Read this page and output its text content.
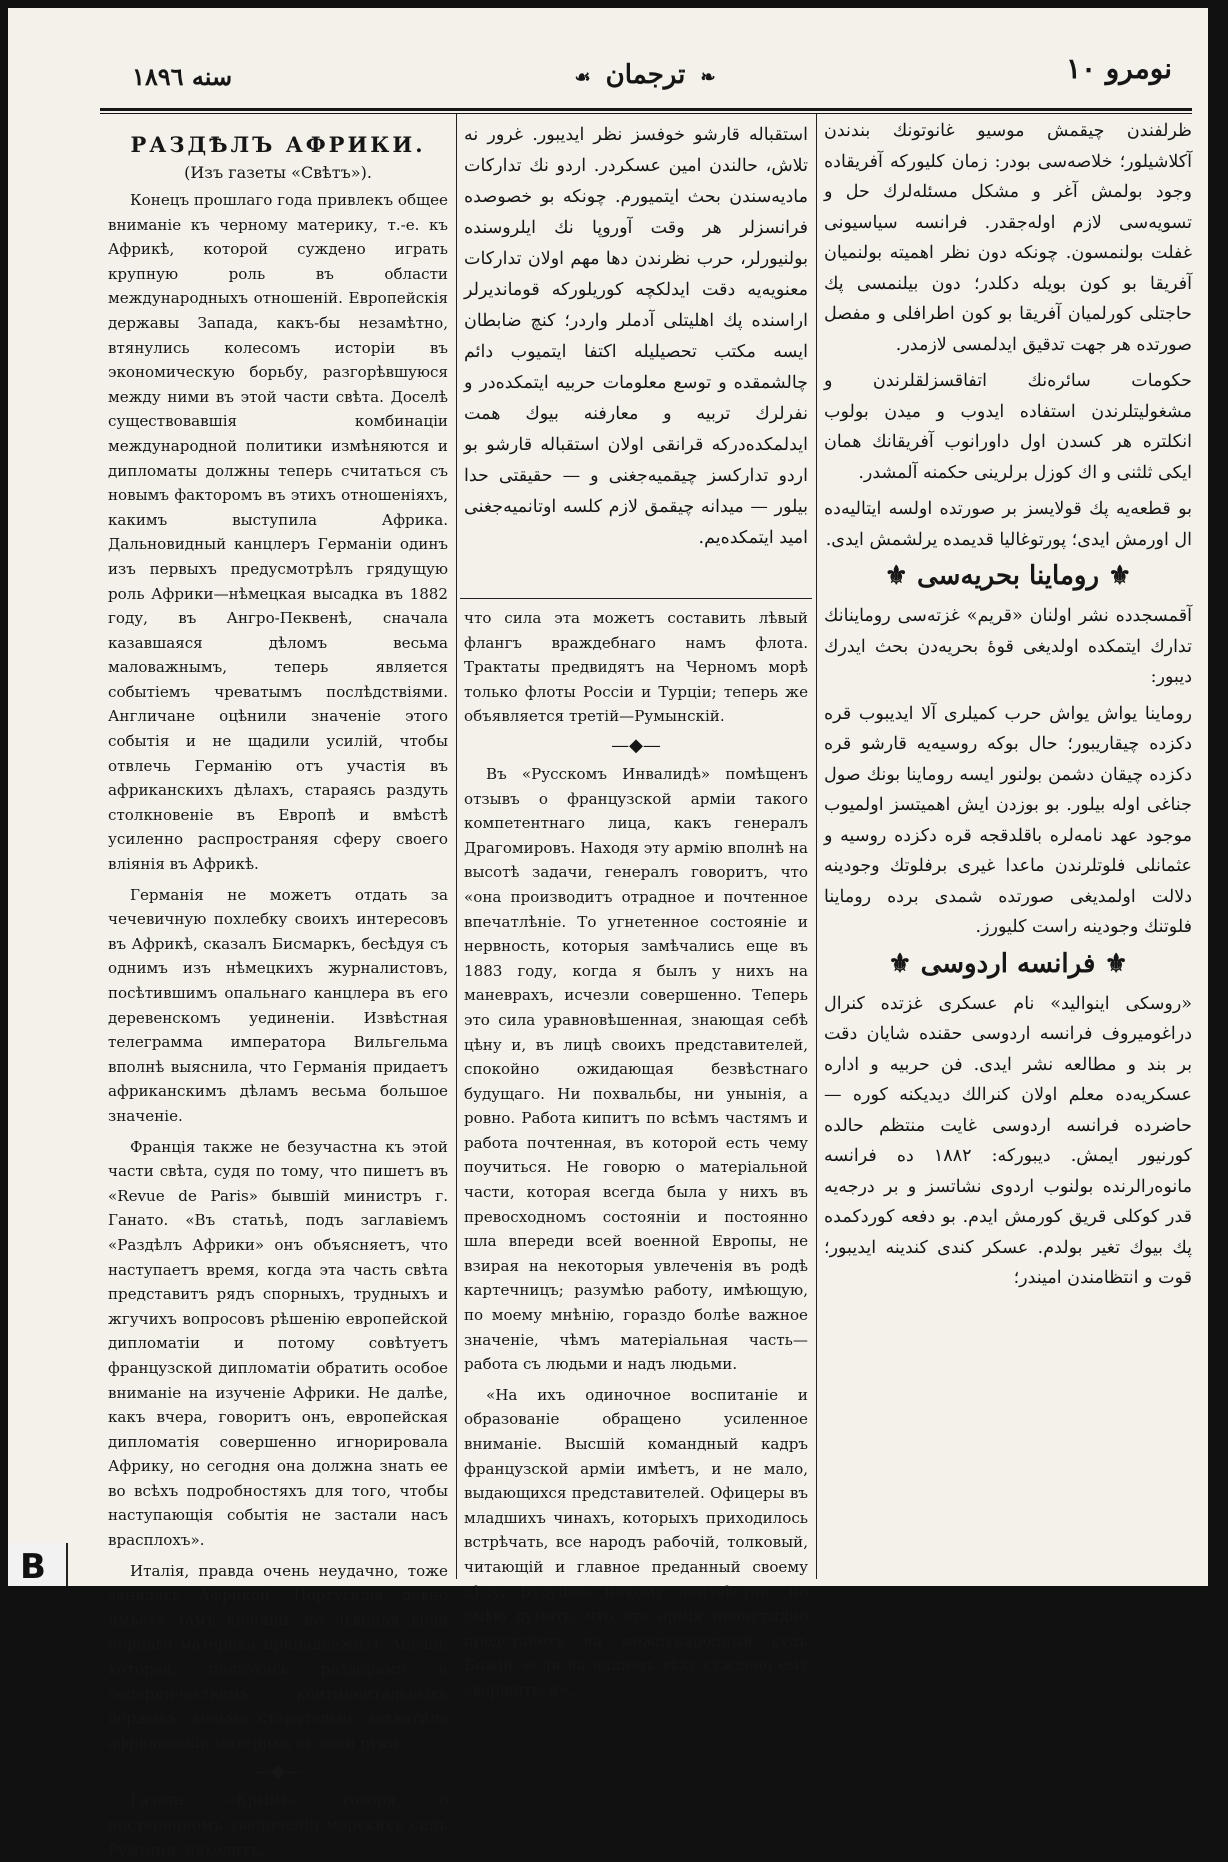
سنه ١٨٩٦	❧ ترجمان ☙	نومرو ١٠
РАЗДѢЛЪ АФРИКИ.
(Изъ газеты «Свѣтъ»).

Конецъ прошлаго года привлекъ общее вниманіе къ черному материку, т.-е. къ Африкѣ, которой суждено играть крупную роль въ области международныхъ отношеній. Европейскія державы Запада, какъ-бы незамѣтно, втянулись колесомъ исторіи въ экономическую борьбу, разгорѣвшуюся между ними въ этой части свѣта. Доселѣ существовавшія комбинаціи международной политики измѣняются и дипломаты должны теперь считаться съ новымъ факторомъ въ этихъ отношеніяхъ, какимъ выступила Африка. Дальновидный канцлеръ Германіи одинъ изъ первыхъ предусмотрѣлъ грядущую роль Африки—нѣмецкая высадка въ 1882 году, въ Ангро-Пеквенѣ, сначала казавшаяся дѣломъ весьма маловажнымъ, теперь является событіемъ чреватымъ послѣдствіями. Англичане оцѣнили значеніе этого событія и не щадили усилій, чтобы отвлечь Германію отъ участія въ африканскихъ дѣлахъ, стараясь раздуть столкновеніе въ Европѣ и вмѣстѣ усиленно распространяя сферу своего вліянія въ Африкѣ.

Германія не можетъ отдать за чечевичную похлебку своихъ интересовъ въ Африкѣ, сказалъ Бисмаркъ, бесѣдуя съ однимъ изъ нѣмецкихъ журналистовъ, посѣтившимъ опальнаго канцлера въ его деревенскомъ уединеніи. Извѣстная телеграмма императора Вильгельма вполнѣ выяснила, что Германія придаетъ африканскимъ дѣламъ весьма большое значеніе.

Франція также не безучастна къ этой части свѣта, судя по тому, что пишетъ въ «Revue de Paris» бывшій министръ г. Ганато. «Въ статьѣ, подъ заглавіемъ «Раздѣлъ Африки» онъ объясняетъ, что наступаетъ время, когда эта часть свѣта представитъ рядъ спорныхъ, трудныхъ и жгучихъ вопросовъ рѣшенію европейской дипломатіи и потому совѣтуетъ французской дипломатіи обратить особое вниманіе на изученіе Африки. Не далѣе, какъ вчера, говоритъ онъ, европейская дипломатія совершенно игнорировала Африку, но сегодня она должна знать ее во всѣхъ подробностяхъ для того, чтобы наступающія событія не застали насъ врасплохъ».

Италія, правда очень неудачно, тоже занялась Африкой. Португалія давно имѣетъ тамъ колоніи, но львиная доля чернаго материка принадлежитъ Англіи, которая, пользуясь раздорами и соперничествомъ континентальныхъ державъ, весьма старательно захватила африканскій материкъ въ свои руки.

—◆—

Газета «Крымъ» говоря о постепенномъ увеличеніи морскихъ силъ Румыніи, находитъ,

استقباله قارشو خوفسز نظر ایدیبور. غرور نه تلاش، حالندن امین عسکردر. اردو نك تداركات ماديەسندن بحث ایتمیورم. چونكه بو خصوصده فرانسزلر هر وقت آوروپا نك ایلروسنده بولنیورلر، حرب نظرندن دها مهم اولان تداركات معنويەيه دقت ایدلكچه كوريلوركه قوماندیرلر اراسنده پك اهليتلی آدملر واردر؛ كنچ ضابطان ایسه مكتب تحصيلیله اكتفا ایتمیوب دائم چالشمقده و توسع معلومات حربيه ایتمكده‌در و نفرلرك تربيه و معارفنه بیوك همت ایدلمكده‌دركه قرانقی اولان استقباله قارشو بو اردو تداركسز چيقمیه‌جغنی و — حقيقتی حدا بیلور — میدانه چیقمق لازم كلسه اوتانمیه‌جغنی امید ایتمكده‌یم.

что сила эта можетъ составить лѣвый флангъ враждебнаго намъ флота. Трактаты предвидятъ на Черномъ морѣ только флоты Россіи и Турціи; теперь же объявляется третій—Румынскій.

—◆—

Въ «Русскомъ Инвалидѣ» помѣщенъ отзывъ о французской арміи такого компетентнаго лица, какъ генералъ Драгомировъ. Находя эту армію вполнѣ на высотѣ задачи, генералъ говоритъ, что «она производитъ отрадное и почтенное впечатлѣніе. То угнетенное состояніе и нервность, которыя замѣчались еще въ 1883 году, когда я былъ у нихъ на маневрахъ, исчезли совершенно. Теперь это сила уравновѣшенная, знающая себѣ цѣну и, въ лицѣ своихъ представителей, спокойно ожидающая безвѣстнаго будущаго. Ни похвальбы, ни унынія, а ровно. Работа кипитъ по всѣмъ частямъ и работа почтенная, въ которой есть чему поучиться. Не говорю о матеріальной части, которая всегда была у нихъ въ превосходномъ состояніи и постоянно шла впереди всей военной Европы, не взирая на некоторыя увлеченія въ родѣ картечницъ; разумѣю работу, имѣющую, по моему мнѣнію, гораздо болѣе важное значеніе, чѣмъ матеріальная часть—работа съ людьми и надъ людьми.

«На ихъ одиночное воспитаніе и образованіе обращено усиленное вниманіе. Высшій командный кадръ французской арміи имѣетъ, и не мало, выдающихся представителей. Офицеры въ младшихъ чинахъ, которыхъ приходилось встрѣчать, все народъ рабочій, толковый, читающій и главное преданный своему дѣлу. Будущее никому неизвѣстно, но смѣю думать, что эта армія непостыдно предстанетъ на международный судъ Божій, если на нашемъ вѣку суждено ему свершиться»...

ظرلفندن چيقمش موسيو غانوتونك بندندن آكلاشيلور؛ خلاصه‌سی بودر: زمان كليوركه آفريقاده وجود بولمش آغر و مشكل مسئله‌لرك حل و تسویه‌سی لازم اوله‌جقدر. فرانسه سیاسیونی غفلت بولنمسون. چونكه دون نظر اهميته بولنميان آفريقا بو كون بويله دكلدر؛ دون بيلنمسی پك حاجتلی كورلميان آفريقا بو كون اطرافلی و مفصل صورتده هر جهت تدقيق ایدلمسی لازمدر.

حكومات سائره‌نك اتفاقسزلقلرندن و مشغوليتلرندن استفاده ایدوب و میدن بولوب انكلتره هر كسدن اول داورانوب آفريقانك همان ایكی ثلثنی و اك كوزل برلرینی حكمنه آلمشدر.

بو قطعه‌یه پك قولايسز بر صورتده اولسه ایتاليه‌ده ال اورمش ایدی؛ پورتوغاليا قدیمده یرلشمش ایدی.

⚜ روماینا بحریه‌سی ⚜

آقمسجدده نشر اولنان «قریم» غزته‌سی روماینانك تدارك ایتمكده اولدیغی قوهٔ بحریه‌دن بحث ایدرك دیبور:

روماينا يواش يواش حرب كميلری آلا ایدیبوب قره دكزده چیقاریبور؛ حال بوكه روسیه‌یه قارشو قره دكزده چیقان دشمن بولنور ایسه روماينا بونك صول جناغی اوله بیلور. بو بوزدن ایش اهميتسز اولمیوب موجود عهد نامه‌لره باقلدقجه قره دكزده روسیه و عثمانلی فلوتلرندن ماعدا غیری برفلوتك وجودینه دلالت اولمدیغی صورتده شمدی برده روماينا فلوتنك وجودینه راست كليورز.

⚜ فرانسه اردوسی ⚜

«روسكی اینوالید» نام عسكری غزتده كنرال دراغومیروف فرانسه اردوسی حقنده شایان دقت بر بند و مطالعه نشر ایدی. فن حربیه و اداره عسكریه‌ده معلم اولان كنرالك دیدیكنه كوره — حاضرده فرانسه اردوسی غایت منتظم حالده كورنیور ایمش. دیبوركه: ١٨٨٢ ده فرانسه مانوه‌رالرنده بولنوب اردوی نشاتسز و بر درجه‌یه قدر كوكلی قریق كورمش ایدم. بو دفعه كوردكمده پك بیوك تغیر بولدم. عسكر كندی كندینه ایدیبور؛ قوت و انتظامندن امیندر؛

B
